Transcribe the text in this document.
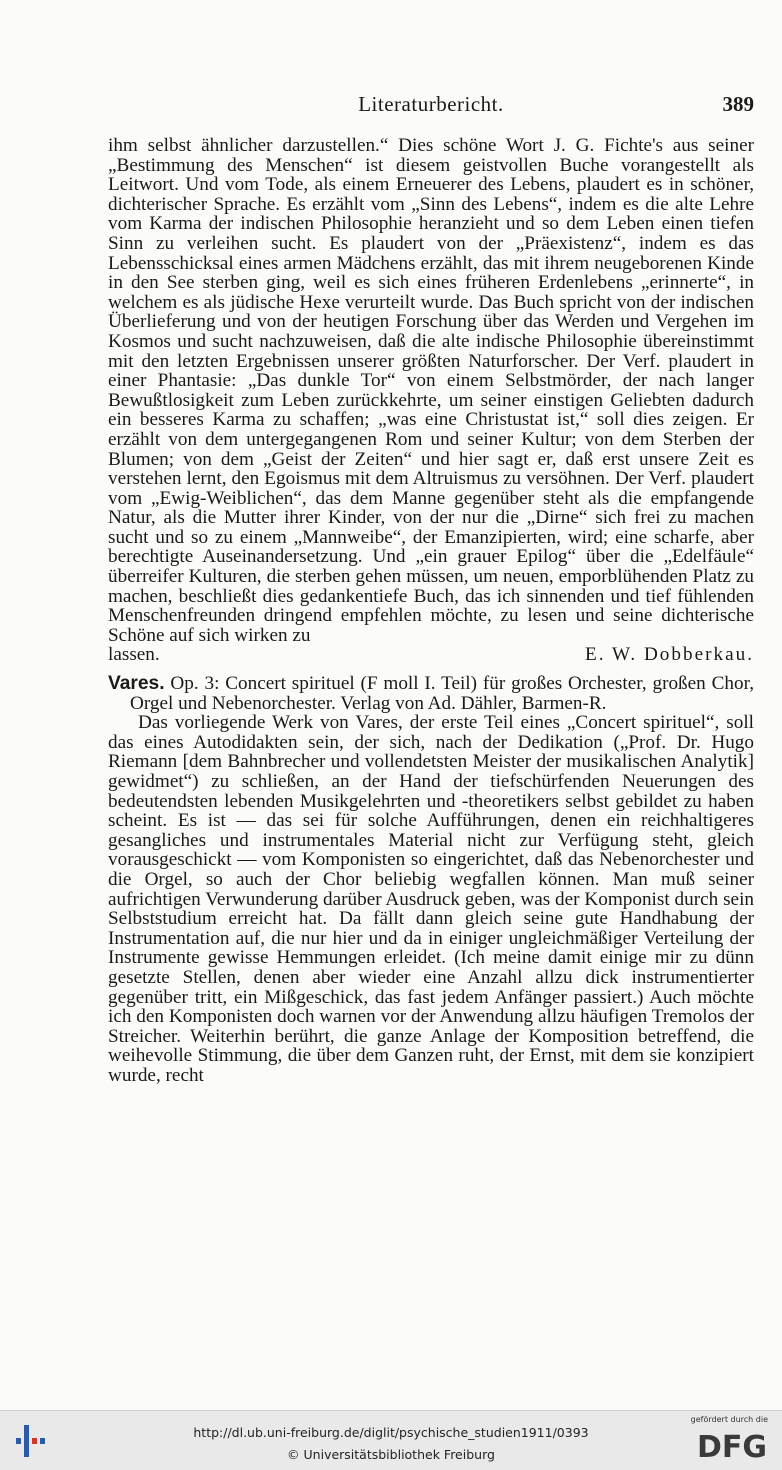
Literaturbericht.	389

ihm selbst ähnlicher darzustellen.“ Dies schöne Wort J. G. Fichte's aus seiner „Bestimmung des Menschen“ ist diesem geistvollen Buche vorangestellt als Leitwort. Und vom Tode, als einem Erneuerer des Lebens, plaudert es in schöner, dichterischer Sprache. Es erzählt vom „Sinn des Lebens“, indem es die alte Lehre vom Karma der indischen Philosophie heranzieht und so dem Leben einen tiefen Sinn zu verleihen sucht. Es plaudert von der „Präexistenz“, indem es das Lebensschicksal eines armen Mädchens erzählt, das mit ihrem neugeborenen Kinde in den See sterben ging, weil es sich eines früheren Erdenlebens „erinnerte“, in welchem es als jüdische Hexe verurteilt wurde. Das Buch spricht von der indischen Überlieferung und von der heutigen Forschung über das Werden und Vergehen im Kosmos und sucht nachzuweisen, daß die alte indische Philosophie übereinstimmt mit den letzten Ergebnissen unserer größten Naturforscher. Der Verf. plaudert in einer Phantasie: „Das dunkle Tor“ von einem Selbstmörder, der nach langer Bewußtlosigkeit zum Leben zurückkehrte, um seiner einstigen Geliebten dadurch ein besseres Karma zu schaffen; „was eine Christustat ist,“ soll dies zeigen. Er erzählt von dem untergegangenen Rom und seiner Kultur; von dem Sterben der Blumen; von dem „Geist der Zeiten“ und hier sagt er, daß erst unsere Zeit es verstehen lernt, den Egoismus mit dem Altruismus zu versöhnen. Der Verf. plaudert vom „Ewig-Weiblichen“, das dem Manne gegenüber steht als die empfangende Natur, als die Mutter ihrer Kinder, von der nur die „Dirne“ sich frei zu machen sucht und so zu einem „Mannweibe“, der Emanzipierten, wird; eine scharfe, aber berechtigte Auseinandersetzung. Und „ein grauer Epilog“ über die „Edelfäule“ überreifer Kulturen, die sterben gehen müssen, um neuen, emporblühenden Platz zu machen, beschließt dies gedankentiefe Buch, das ich sinnenden und tief fühlenden Menschenfreunden dringend empfehlen möchte, zu lesen und seine dichterische Schöne auf sich wirken zu

lassen.	E. W. Dobberkau.

Vares. Op. 3: Concert spirituel (F moll I. Teil) für großes Orchester, großen Chor, Orgel und Nebenorchester. Verlag von Ad. Dähler, Barmen-R.

Das vorliegende Werk von Vares, der erste Teil eines „Concert spirituel“, soll das eines Autodidakten sein, der sich, nach der Dedikation („Prof. Dr. Hugo Riemann [dem Bahnbrecher und vollendetsten Meister der musikalischen Analytik] gewidmet“) zu schließen, an der Hand der tiefschürfenden Neuerungen des bedeutendsten lebenden Musikgelehrten und -theoretikers selbst gebildet zu haben scheint. Es ist — das sei für solche Aufführungen, denen ein reichhaltigeres gesangliches und instrumentales Material nicht zur Verfügung steht, gleich vorausgeschickt — vom Komponisten so eingerichtet, daß das Nebenorchester und die Orgel, so auch der Chor beliebig wegfallen können. Man muß seiner aufrichtigen Verwunderung darüber Ausdruck geben, was der Komponist durch sein Selbststudium erreicht hat. Da fällt dann gleich seine gute Handhabung der Instrumentation auf, die nur hier und da in einiger ungleichmäßiger Verteilung der Instrumente gewisse Hemmungen erleidet. (Ich meine damit einige mir zu dünn gesetzte Stellen, denen aber wieder eine Anzahl allzu dick instrumentierter gegenüber tritt, ein Mißgeschick, das fast jedem Anfänger passiert.) Auch möchte ich den Komponisten doch warnen vor der Anwendung allzu häufigen Tremolos der Streicher. Weiterhin berührt, die ganze Anlage der Komposition betreffend, die weihevolle Stimmung, die über dem Ganzen ruht, der Ernst, mit dem sie konzipiert wurde, recht

http://dl.ub.uni-freiburg.de/diglit/psychische_studien1911/0393
© Universitätsbibliothek Freiburg
gefördert durch die
DFG
